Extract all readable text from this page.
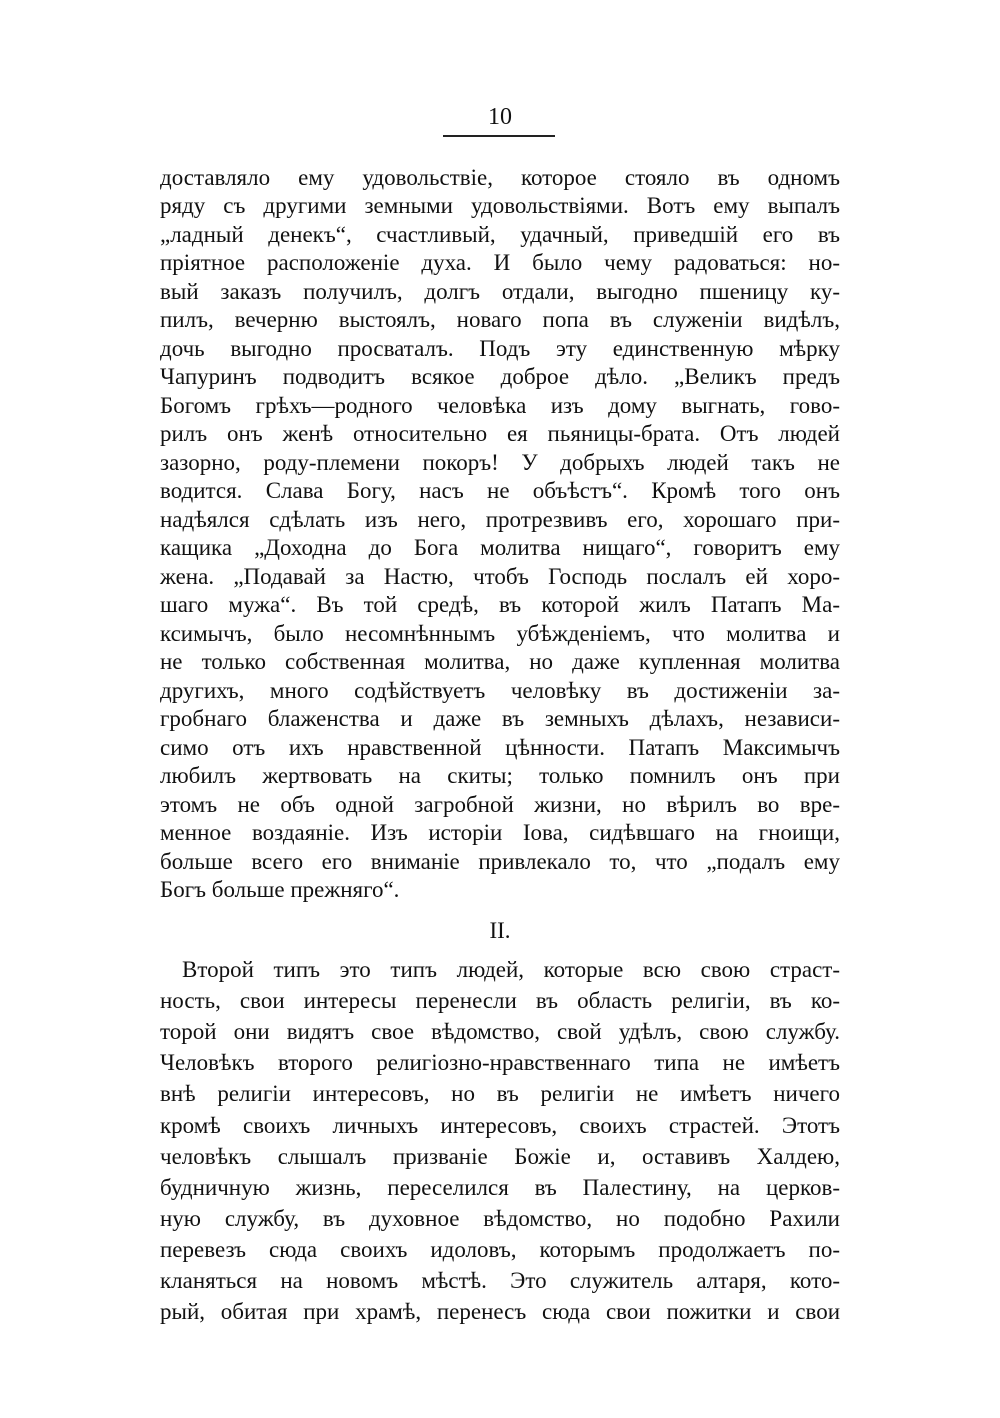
10
доставляло ему удовольствіе, которое стояло въ одномъ
ряду съ другими земными удовольствіями. Вотъ ему выпалъ
„ладный денекъ“, счастливый, удачный, приведшій его въ
пріятное расположеніе духа. И было чему радоваться: но-
вый заказъ получилъ, долгъ отдали, выгодно пшеницу ку-
пилъ, вечерню выстоялъ, новаго попа въ служеніи видѣлъ,
дочь выгодно просваталъ. Подъ эту единственную мѣрку
Чапуринъ подводитъ всякое доброе дѣло. „Великъ предъ
Богомъ грѣхъ—родного человѣка изъ дому выгнать, гово-
рилъ онъ женѣ относительно ея пьяницы-брата. Отъ людей
зазорно, роду-племени покоръ! У добрыхъ людей такъ не
водится. Слава Богу, насъ не объѣстъ“. Кромѣ того онъ
надѣялся сдѣлать изъ него, протрезвивъ его, хорошаго при-
кащика „Доходна до Бога молитва нищаго“, говоритъ ему
жена. „Подавай за Настю, чтобъ Господь послалъ ей хоро-
шаго мужа“. Въ той средѣ, въ которой жилъ Патапъ Ма-
ксимычъ, было несомнѣннымъ убѣжденіемъ, что молитва и
не только собственная молитва, но даже купленная молитва
другихъ, много содѣйствуетъ человѣку въ достиженіи за-
гробнаго блаженства и даже въ земныхъ дѣлахъ, независи-
симо отъ ихъ нравственной цѣнности. Патапъ Максимычъ
любилъ жертвовать на скиты; только помнилъ онъ при
этомъ не объ одной загробной жизни, но вѣрилъ во вре-
менное воздаяніе. Изъ исторіи Іова, сидѣвшаго на гноищи,
больше всего его вниманіе привлекало то, что „подалъ ему
Богъ больше прежняго“.
II.
Второй типъ это типъ людей, которые всю свою страст-
ность, свои интересы перенесли въ область религіи, въ ко-
торой они видятъ свое вѣдомство, свой удѣлъ, свою службу.
Человѣкъ второго религіозно-нравственнаго типа не имѣетъ
внѣ религіи интересовъ, но въ религіи не имѣетъ ничего
кромѣ своихъ личныхъ интересовъ, своихъ страстей. Этотъ
человѣкъ слышалъ призваніе Божіе и, оставивъ Халдею,
будничную жизнь, переселился въ Палестину, на церков-
ную службу, въ духовное вѣдомство, но подобно Рахили
перевезъ сюда своихъ идоловъ, которымъ продолжаетъ по-
кланяться на новомъ мѣстѣ. Это служитель алтаря, кото-
рый, обитая при храмѣ, перенесъ сюда свои пожитки и свои
